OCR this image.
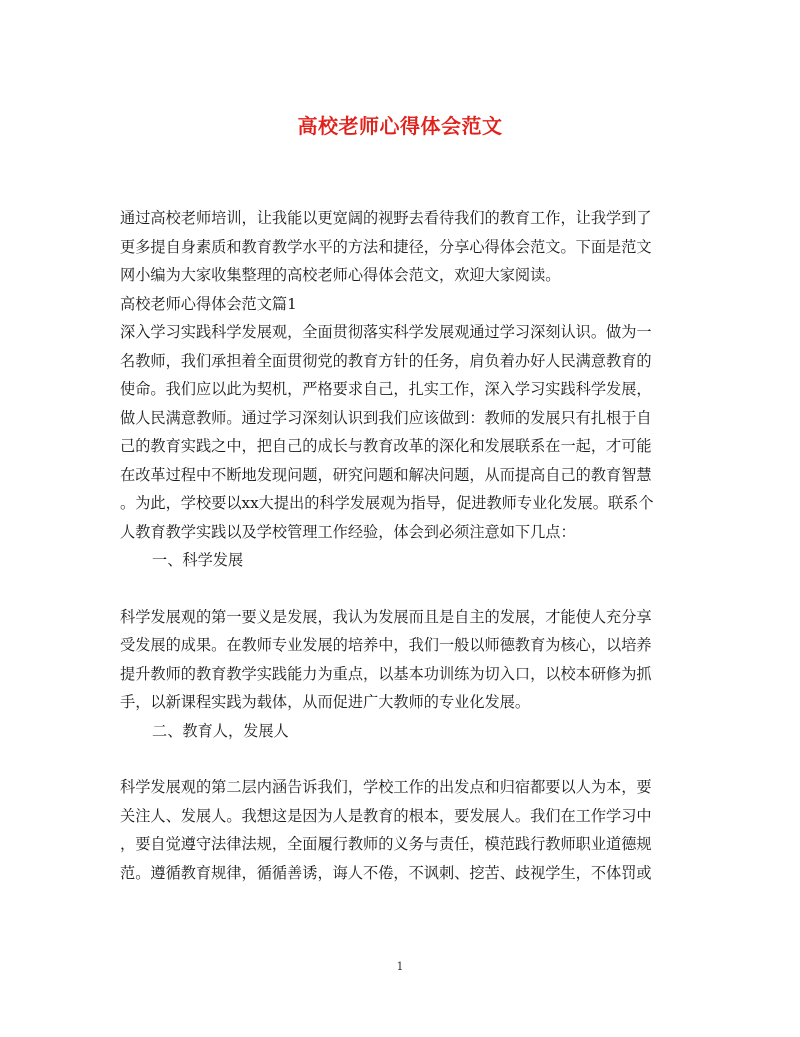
高校老师心得体会范文

通过高校老师培训，让我能以更宽阔的视野去看待我们的教育工作，让我学到了
更多提自身素质和教育教学水平的方法和捷径，分享心得体会范文。下面是范文
网小编为大家收集整理的高校老师心得体会范文，欢迎大家阅读。

高校老师心得体会范文篇1

深入学习实践科学发展观，全面贯彻落实科学发展观通过学习深刻认识。做为一
名教师，我们承担着全面贯彻党的教育方针的任务，肩负着办好人民满意教育的
使命。我们应以此为契机，严格要求自己，扎实工作，深入学习实践科学发展，
做人民满意教师。通过学习深刻认识到我们应该做到：教师的发展只有扎根于自
己的教育实践之中，把自己的成长与教育改革的深化和发展联系在一起，才可能
在改革过程中不断地发现问题，研究问题和解决问题，从而提高自己的教育智慧
。为此，学校要以xx大提出的科学发展观为指导，促进教师专业化发展。联系个
人教育教学实践以及学校管理工作经验，体会到必须注意如下几点：

一、科学发展

科学发展观的第一要义是发展，我认为发展而且是自主的发展，才能使人充分享
受发展的成果。在教师专业发展的培养中，我们一般以师德教育为核心，以培养
提升教师的教育教学实践能力为重点，以基本功训练为切入口，以校本研修为抓
手，以新课程实践为载体，从而促进广大教师的专业化发展。

二、教育人，发展人

科学发展观的第二层内涵告诉我们，学校工作的出发点和归宿都要以人为本，要
关注人、发展人。我想这是因为人是教育的根本，要发展人。我们在工作学习中
，要自觉遵守法律法规，全面履行教师的义务与责任，模范践行教师职业道德规
范。遵循教育规律，循循善诱，诲人不倦，不讽刺、挖苦、歧视学生，不体罚或

1
